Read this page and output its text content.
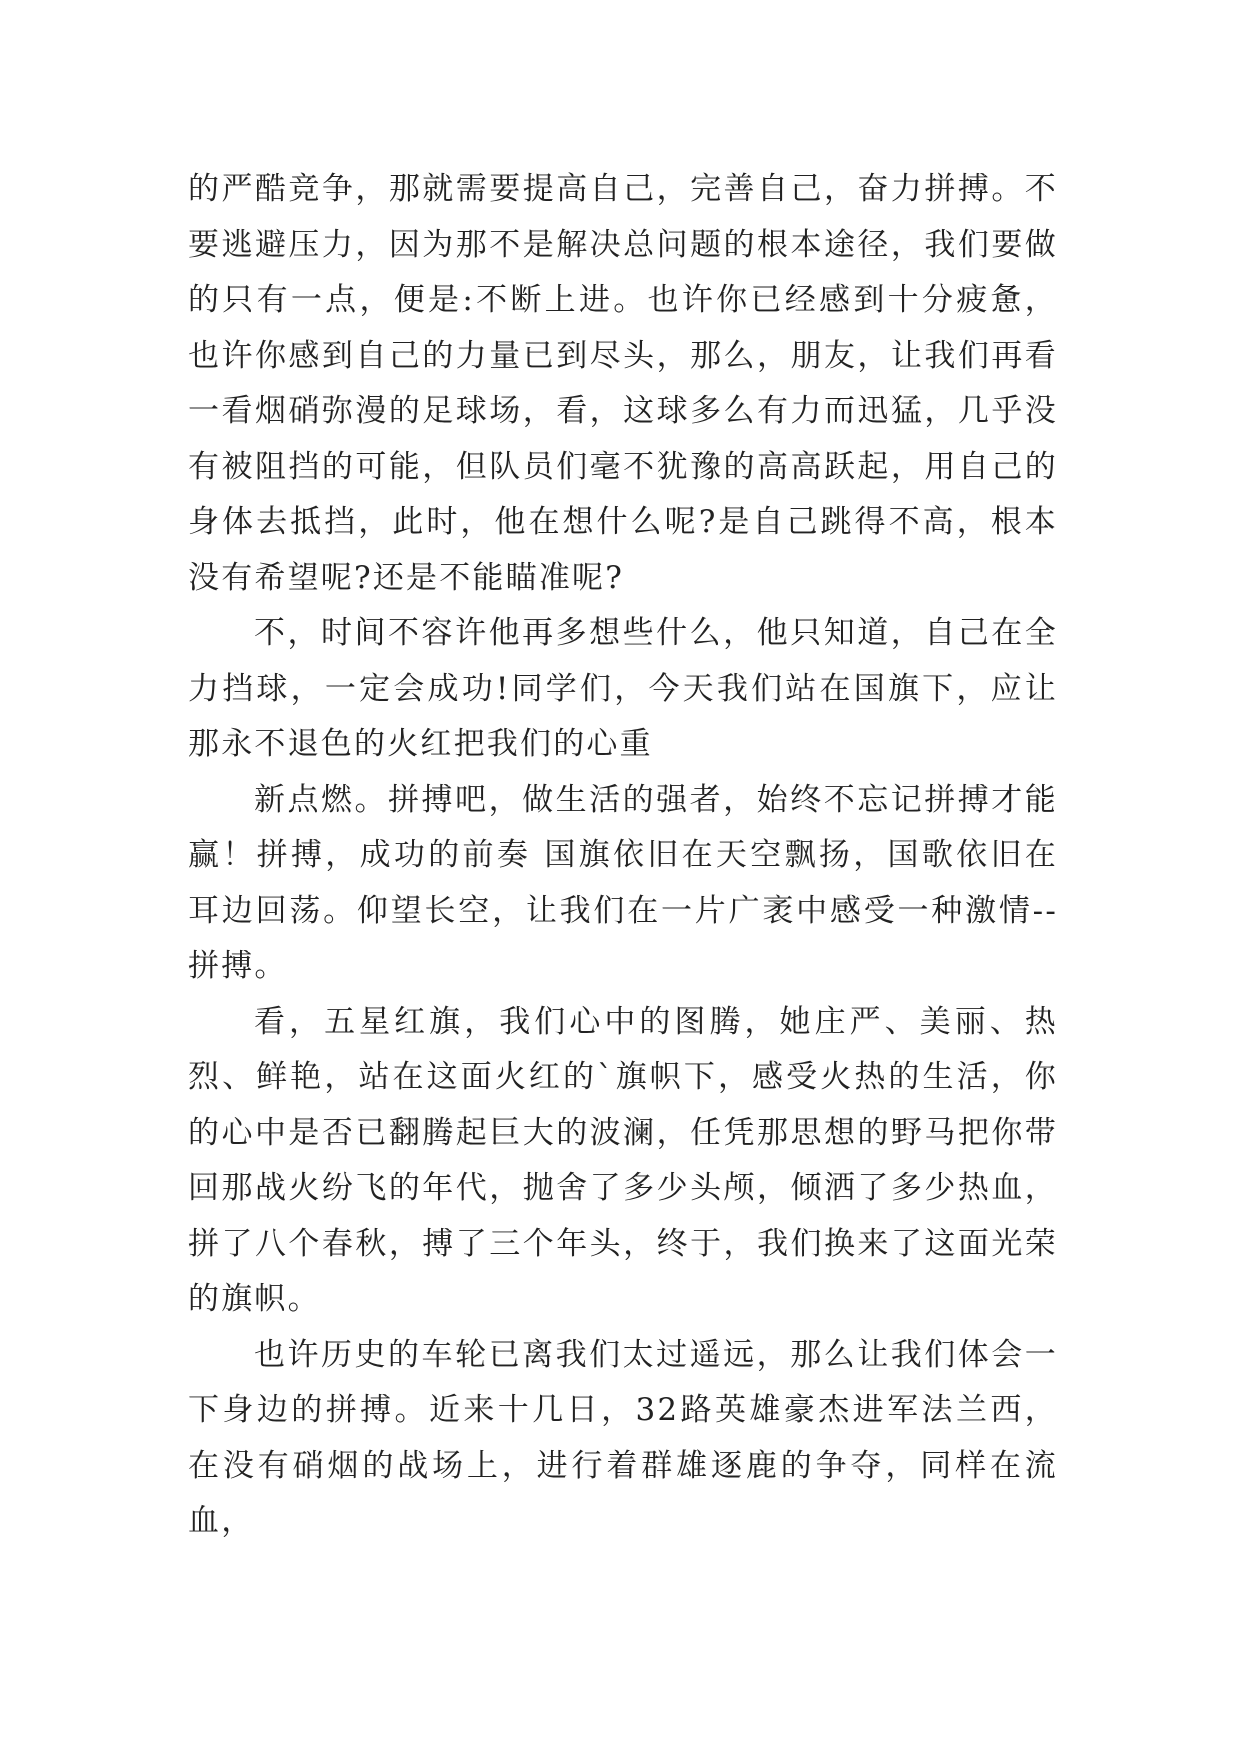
的严酷竞争，那就需要提高自己，完善自己，奋力拼搏。不要逃避压力，因为那不是解决总问题的根本途径，我们要做的只有一点，便是:不断上进。也许你已经感到十分疲惫，也许你感到自己的力量已到尽头，那么，朋友，让我们再看一看烟硝弥漫的足球场，看，这球多么有力而迅猛，几乎没有被阻挡的可能，但队员们毫不犹豫的高高跃起，用自己的身体去抵挡，此时，他在想什么呢?是自己跳得不高，根本没有希望呢?还是不能瞄准呢?

不，时间不容许他再多想些什么，他只知道，自己在全力挡球，一定会成功!同学们，今天我们站在国旗下，应让那永不退色的火红把我们的心重

新点燃。拼搏吧，做生活的强者，始终不忘记拼搏才能赢！拼搏，成功的前奏 国旗依旧在天空飘扬，国歌依旧在耳边回荡。仰望长空，让我们在一片广袤中感受一种激情--拼搏。

看，五星红旗，我们心中的图腾，她庄严、美丽、热烈、鲜艳，站在这面火红的`旗帜下，感受火热的生活，你的心中是否已翻腾起巨大的波澜，任凭那思想的野马把你带回那战火纷飞的年代，抛舍了多少头颅，倾洒了多少热血，拼了八个春秋，搏了三个年头，终于，我们换来了这面光荣的旗帜。

也许历史的车轮已离我们太过遥远，那么让我们体会一下身边的拼搏。近来十几日，32路英雄豪杰进军法兰西，在没有硝烟的战场上，进行着群雄逐鹿的争夺，同样在流血，
